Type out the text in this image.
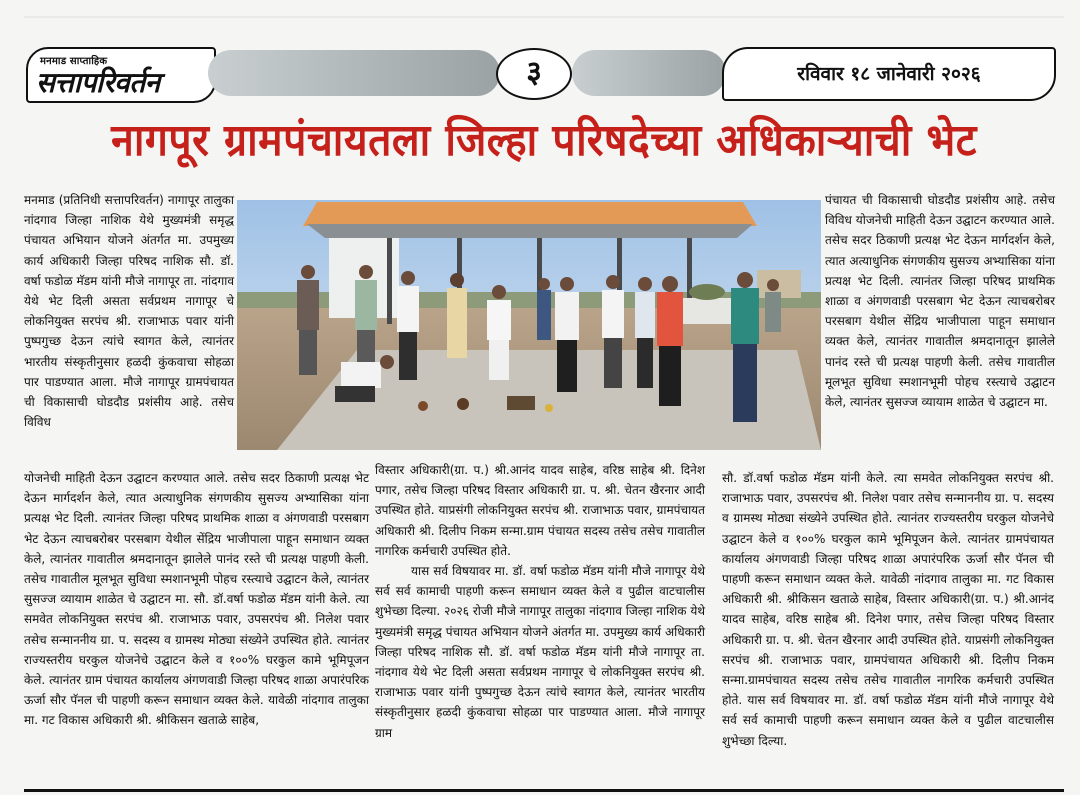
मनमाड साप्ताहिक
सत्तापरिवर्तन	३	रविवार १८ जानेवारी २०२६
नागपूर ग्रामपंचायतला जिल्हा परिषदेच्या अधिकाऱ्याची भेट

मनमाड (प्रतिनिधी सत्तापरिवर्तन) नागापूर तालुका नांदगाव जिल्हा नाशिक येथे मुख्यमंत्री समृद्ध पंचायत अभियान योजने अंतर्गत मा. उपमुख्य कार्य अधिकारी जिल्हा परिषद नाशिक सौ. डॉ. वर्षा फडोळ मॅडम यांनी मौजे नागापूर ता. नांदगाव येथे भेट दिली असता सर्वप्रथम नागापूर चे लोकनियुक्त सरपंच श्री. राजाभाऊ पवार यांनी पुष्पगुच्छ देऊन त्यांचे स्वागत केले, त्यानंतर भारतीय संस्कृतीनुसार हळदी कुंकवाचा सोहळा पार पाडण्यात आला. मौजे नागापूर ग्रामपंचायत ची विकासाची घोडदौड प्रशंसीय आहे. तसेच विविध

पंचायत ची विकासाची घोडदौड प्रशंसीय आहे. तसेच विविध योजनेची माहिती देऊन उद्घाटन करण्यात आले. तसेच सदर ठिकाणी प्रत्यक्ष भेट देऊन मार्गदर्शन केले, त्यात अत्याधुनिक संगणकीय सुसज्य अभ्यासिका यांना प्रत्यक्ष भेट दिली. त्यानंतर जिल्हा परिषद प्राथमिक शाळा व अंगणवाडी परसबाग भेट देऊन त्याचबरोबर परसबाग येथील सेंद्रिय भाजीपाला पाहून समाधान व्यक्त केले, त्यानंतर गावातील श्रमदानातून झालेले पानंद रस्ते ची प्रत्यक्ष पाहणी केली. तसेच गावातील मूलभूत सुविधा स्मशानभूमी पोहच रस्त्याचे उद्घाटन केले, त्यानंतर सुसज्ज व्यायाम शाळेत चे उद्घाटन मा.

योजनेची माहिती देऊन उद्घाटन करण्यात आले. तसेच सदर ठिकाणी प्रत्यक्ष भेट देऊन मार्गदर्शन केले, त्यात अत्याधुनिक संगणकीय सुसज्य अभ्यासिका यांना प्रत्यक्ष भेट दिली. त्यानंतर जिल्हा परिषद प्राथमिक शाळा व अंगणवाडी परसबाग भेट देऊन त्याचबरोबर परसबाग येथील सेंद्रिय भाजीपाला पाहून समाधान व्यक्त केले, त्यानंतर गावातील श्रमदानातून झालेले पानंद रस्ते ची प्रत्यक्ष पाहणी केली. तसेच गावातील मूलभूत सुविधा स्मशानभूमी पोहच रस्त्याचे उद्घाटन केले, त्यानंतर सुसज्ज व्यायाम शाळेत चे उद्घाटन मा. सौ. डॉ.वर्षा फडोळ मॅडम यांनी केले. त्या समवेत लोकनियुक्त सरपंच श्री. राजाभाऊ पवार, उपसरपंच श्री. निलेश पवार तसेच सन्माननीय ग्रा. प. सदस्य व ग्रामस्थ मोठ्या संख्येने उपस्थित होते. त्यानंतर राज्यस्तरीय घरकुल योजनेचे उद्घाटन केले व १००% घरकुल कामे भूमिपूजन केले. त्यानंतर ग्राम पंचायत कार्यालय अंगणवाडी जिल्हा परिषद शाळा अपारंपरिक ऊर्जा सौर पॅनल ची पाहणी करून समाधान व्यक्त केले. यावेळी नांदगाव तालुका मा. गट विकास अधिकारी श्री. श्रीकिसन खताळे साहेब,

विस्तार अधिकारी(ग्रा. प.) श्री.आनंद यादव साहेब, वरिष्ठ साहेब श्री. दिनेश पगार, तसेच जिल्हा परिषद विस्तार अधिकारी ग्रा. प. श्री. चेतन खैरनार आदी उपस्थित होते. याप्रसंगी लोकनियुक्त सरपंच श्री. राजाभाऊ पवार, ग्रामपंचायत अधिकारी श्री. दिलीप निकम सन्मा.ग्राम पंचायत सदस्य तसेच तसेच गावातील नागरिक कर्मचारी उपस्थित होते.

यास सर्व विषयावर मा. डॉ. वर्षा फडोळ मॅडम यांनी मौजे नागापूर येथे सर्व सर्व कामाची पाहणी करून समाधान व्यक्त केले व पुढील वाटचालीस शुभेच्छा दिल्या. २०२६ रोजी मौजे नागापूर तालुका नांदगाव जिल्हा नाशिक येथे मुख्यमंत्री समृद्ध पंचायत अभियान योजने अंतर्गत मा. उपमुख्य कार्य अधिकारी जिल्हा परिषद नाशिक सौ. डॉ. वर्षा फडोळ मॅडम यांनी मौजे नागापूर ता. नांदगाव येथे भेट दिली असता सर्वप्रथम नागापूर चे लोकनियुक्त सरपंच श्री. राजाभाऊ पवार यांनी पुष्पगुच्छ देऊन त्यांचे स्वागत केले, त्यानंतर भारतीय संस्कृतीनुसार हळदी कुंकवाचा सोहळा पार पाडण्यात आला. मौजे नागापूर ग्राम

सौ. डॉ.वर्षा फडोळ मॅडम यांनी केले. त्या समवेत लोकनियुक्त सरपंच श्री. राजाभाऊ पवार, उपसरपंच श्री. निलेश पवार तसेच सन्माननीय ग्रा. प. सदस्य व ग्रामस्थ मोठ्या संख्येने उपस्थित होते. त्यानंतर राज्यस्तरीय घरकुल योजनेचे उद्घाटन केले व १००% घरकुल कामे भूमिपूजन केले. त्यानंतर ग्रामपंचायत कार्यालय अंगणवाडी जिल्हा परिषद शाळा अपारंपरिक ऊर्जा सौर पॅनल ची पाहणी करून समाधान व्यक्त केले. यावेळी नांदगाव तालुका मा. गट विकास अधिकारी श्री. श्रीकिसन खताळे साहेब, विस्तार अधिकारी(ग्रा. प.) श्री.आनंद यादव साहेब, वरिष्ठ साहेब श्री. दिनेश पगार, तसेच जिल्हा परिषद विस्तार अधिकारी ग्रा. प. श्री. चेतन खैरनार आदी उपस्थित होते. याप्रसंगी लोकनियुक्त सरपंच श्री. राजाभाऊ पवार, ग्रामपंचायत अधिकारी श्री. दिलीप निकम सन्मा.ग्रामपंचायत सदस्य तसेच तसेच गावातील नागरिक कर्मचारी उपस्थित होते. यास सर्व विषयावर मा. डॉ. वर्षा फडोळ मॅडम यांनी मौजे नागापूर येथे सर्व सर्व कामाची पाहणी करून समाधान व्यक्त केले व पुढील वाटचालीस शुभेच्छा दिल्या.
